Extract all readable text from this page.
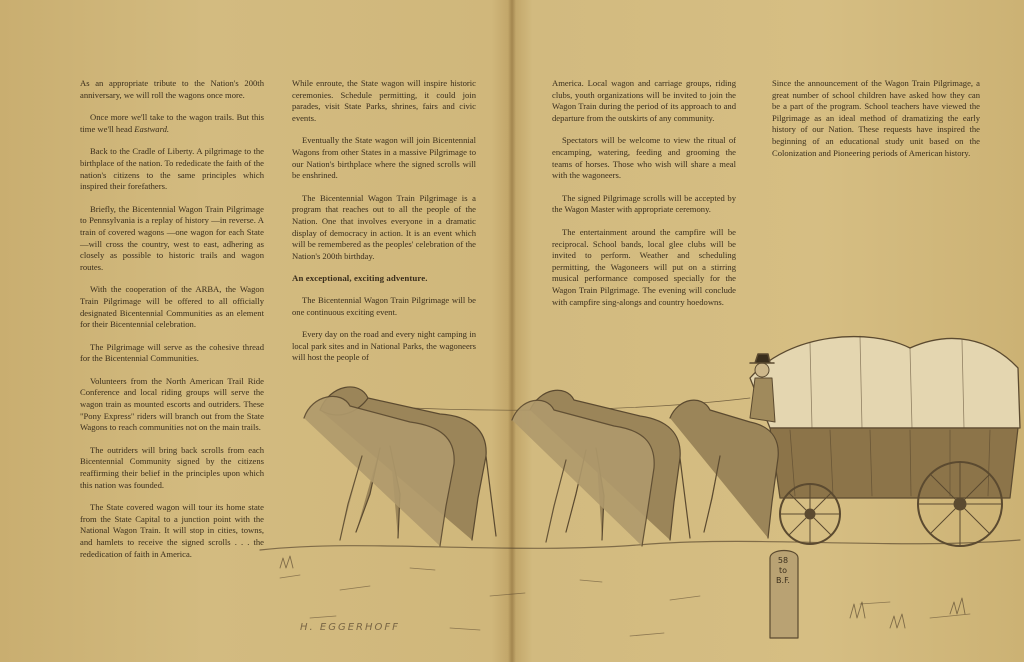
As an appropriate tribute to the Nation's 200th anniversary, we will roll the wagons once more.

Once more we'll take to the wagon trails. But this time we'll head Eastward.

Back to the Cradle of Liberty. A pilgrimage to the birthplace of the nation. To rededicate the faith of the nation's citizens to the same principles which inspired their forefathers.

Briefly, the Bicentennial Wagon Train Pilgrimage to Pennsylvania is a replay of history —in reverse. A train of covered wagons —one wagon for each State—will cross the country, west to east, adhering as closely as possible to historic trails and wagon routes.

With the cooperation of the ARBA, the Wagon Train Pilgrimage will be offered to all officially designated Bicentennial Communities as an element for their Bicentennial celebration.

The Pilgrimage will serve as the cohesive thread for the Bicentennial Communities.

Volunteers from the North American Trail Ride Conference and local riding groups will serve the wagon train as mounted escorts and outriders. These "Pony Express" riders will branch out from the State Wagons to reach communities not on the main trails.

The outriders will bring back scrolls from each Bicentennial Community signed by the citizens reaffirming their belief in the principles upon which this nation was founded.

The State covered wagon will tour its home state from the State Capital to a junction point with the National Wagon Train. It will stop in cities, towns, and hamlets to receive the signed scrolls . . . the rededication of faith in America.

While enroute, the State wagon will inspire historic ceremonies. Schedule permitting, it could join parades, visit State Parks, shrines, fairs and civic events.

Eventually the State wagon will join Bicentennial Wagons from other States in a massive Pilgrimage to our Nation's birthplace where the signed scrolls will be enshrined.

The Bicentennial Wagon Train Pilgrimage is a program that reaches out to all the people of the Nation. One that involves everyone in a dramatic display of democracy in action. It is an event which will be remembered as the peoples' celebration of the Nation's 200th birthday.

An exceptional, exciting adventure.

The Bicentennial Wagon Train Pilgrimage will be one continuous exciting event.

Every day on the road and every night camping in local park sites and in National Parks, the wagoneers will host the people of

America. Local wagon and carriage groups, riding clubs, youth organizations will be invited to join the Wagon Train during the period of its approach to and departure from the outskirts of any community.

Spectators will be welcome to view the ritual of encamping, watering, feeding and grooming the teams of horses. Those who wish will share a meal with the wagoneers.

The signed Pilgrimage scrolls will be accepted by the Wagon Master with appropriate ceremony.

The entertainment around the campfire will be reciprocal. School bands, local glee clubs will be invited to perform. Weather and scheduling permitting, the Wagoneers will put on a stirring musical performance composed specially for the Wagon Train Pilgrimage. The evening will conclude with campfire sing-alongs and country hoedowns.

Since the announcement of the Wagon Train Pilgrimage, a great number of school children have asked how they can be a part of the program. School teachers have viewed the Pilgrimage as an ideal method of dramatizing the early history of our Nation. These requests have inspired the beginning of an educational study unit based on the Colonization and Pioneering periods of American history.

58
to
B.F.
H. EGGERHOFF
